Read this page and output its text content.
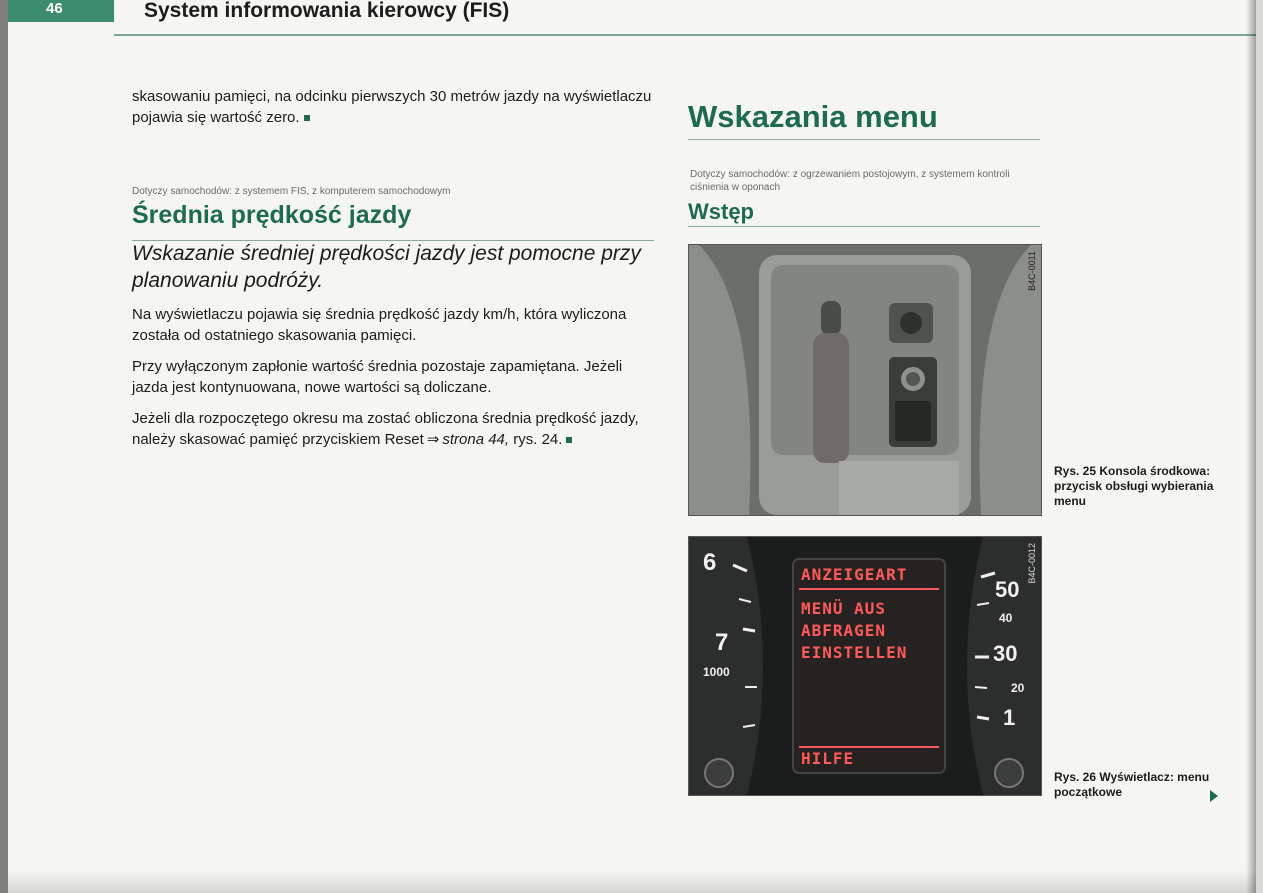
46	System informowania kierowcy (FIS)
skasowaniu pamięci, na odcinku pierwszych 30 metrów jazdy na wyświetlaczu pojawia się wartość zero.
Dotyczy samochodów: z systemem FIS, z komputerem samochodowym
Średnia prędkość jazdy
Wskazanie średniej prędkości jazdy jest pomocne przy planowaniu podróży.
Na wyświetlaczu pojawia się średnia prędkość jazdy km/h, która wyliczona została od ostatniego skasowania pamięci.
Przy wyłączonym zapłonie wartość średnia pozostaje zapamiętana. Jeżeli jazda jest kontynuowana, nowe wartości są doliczane.
Jeżeli dla rozpoczętego okresu ma zostać obliczona średnia prędkość jazdy, należy skasować pamięć przyciskiem Reset ⇒ strona 44, rys. 24.
Wskazania menu
Dotyczy samochodów: z ogrzewaniem postojowym, z systemem kontroli ciśnienia w oponach
Wstęp
B4C-0011
Rys. 25 Konsola środkowa: przycisk obsługi wybierania menu
ANZEIGEART
MENÜ AUS
ABFRAGEN
EINSTELLEN
HILFE
6
7
1000
50
40
30
20
1
B4C-0012
Rys. 26 Wyświetlacz: menu początkowe
